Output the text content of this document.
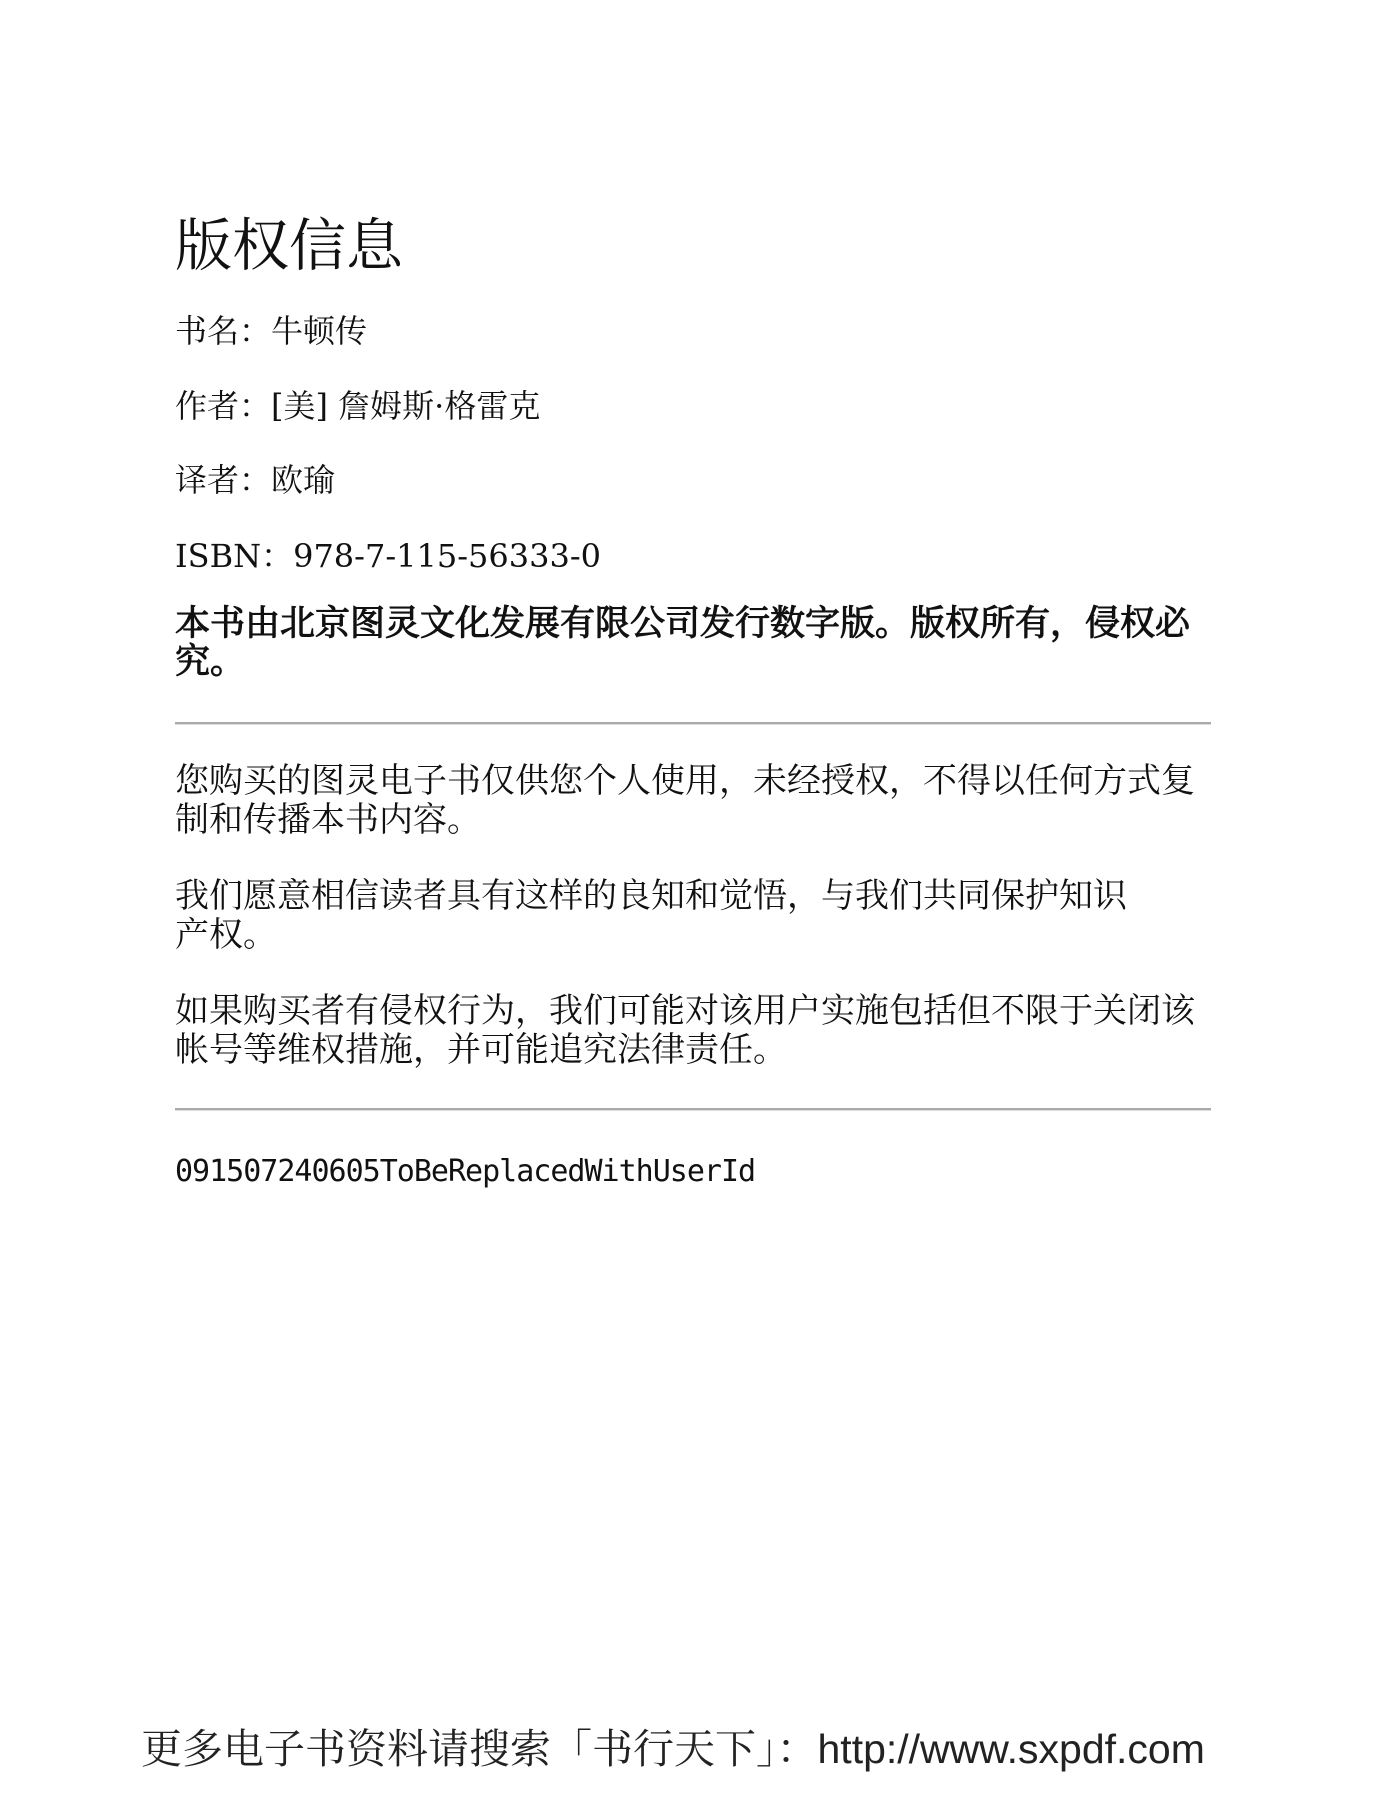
版权信息
书名：牛顿传
作者：[美] 詹姆斯·格雷克
译者：欧瑜
ISBN：978-7-115-56333-0
本书由北京图灵文化发展有限公司发行数字版。版权所有，侵权必究。
您购买的图灵电子书仅供您个人使用，未经授权，不得以任何方式复制和传播本书内容。
我们愿意相信读者具有这样的良知和觉悟，与我们共同保护知识产权。
如果购买者有侵权行为，我们可能对该用户实施包括但不限于关闭该帐号等维权措施，并可能追究法律责任。
091507240605ToBeReplacedWithUserId
更多电子书资料请搜索「书行天下」：http://www.sxpdf.com
